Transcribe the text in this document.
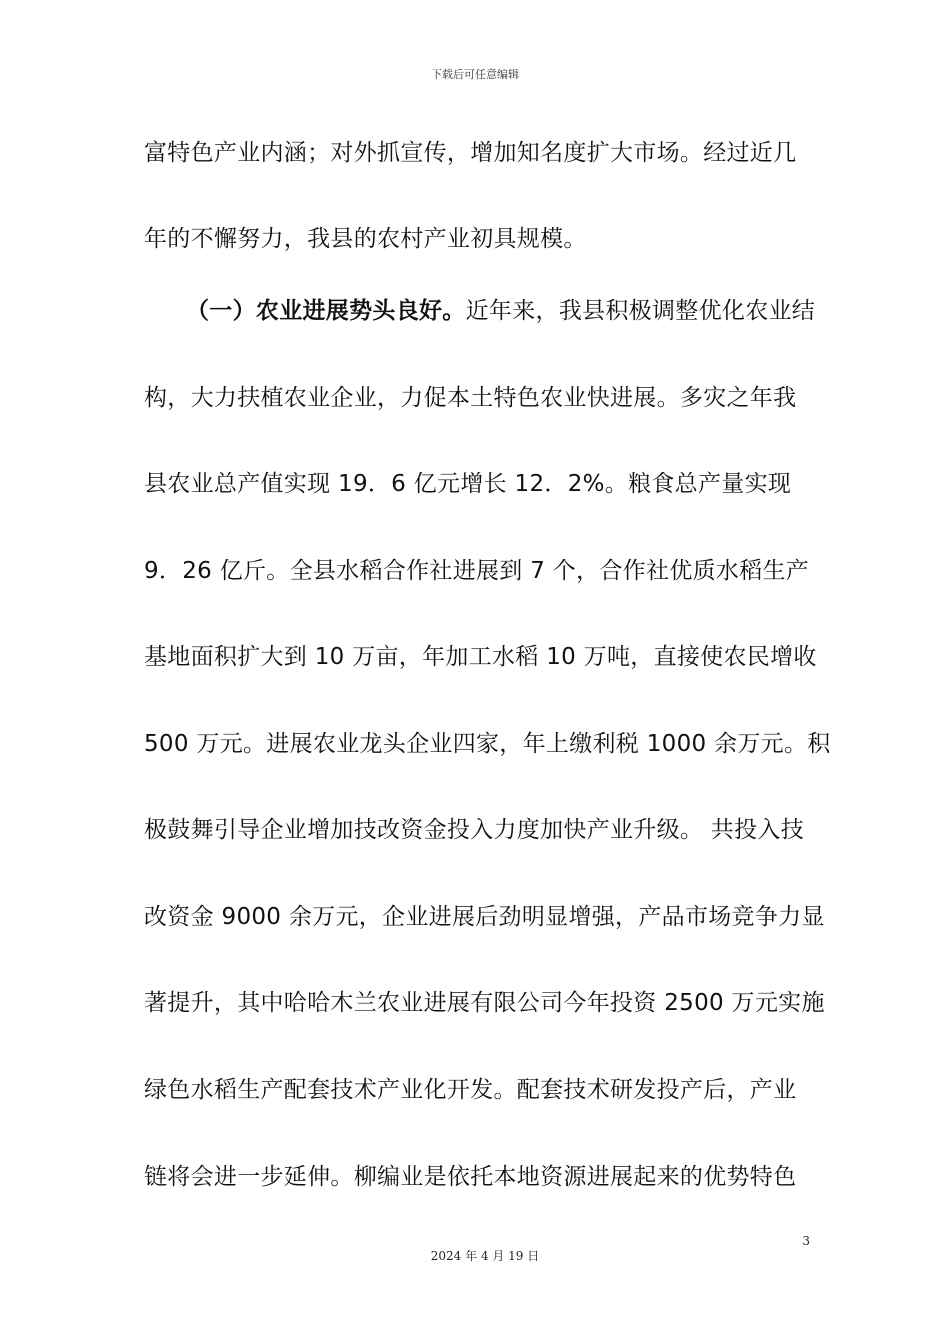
下载后可任意编辑
富特色产业内涵；对外抓宣传，增加知名度扩大市场。经过近几
年的不懈努力，我县的农村产业初具规模。
（一）农业进展势头良好。近年来，我县积极调整优化农业结
构，大力扶植农业企业，力促本土特色农业快进展。多灾之年我
县农业总产值实现 19．6 亿元增长 12．2%。粮食总产量实现
9．26 亿斤。全县水稻合作社进展到 7 个，合作社优质水稻生产
基地面积扩大到 10 万亩，年加工水稻 10 万吨，直接使农民增收
500 万元。进展农业龙头企业四家，年上缴利税 1000 余万元。积
极鼓舞引导企业增加技改资金投入力度加快产业升级。 共投入技
改资金 9000 余万元，企业进展后劲明显增强，产品市场竞争力显
著提升，其中哈哈木兰农业进展有限公司今年投资 2500 万元实施
绿色水稻生产配套技术产业化开发。配套技术研发投产后，产业
链将会进一步延伸。柳编业是依托本地资源进展起来的优势特色
3
2024 年 4 月 19 日
